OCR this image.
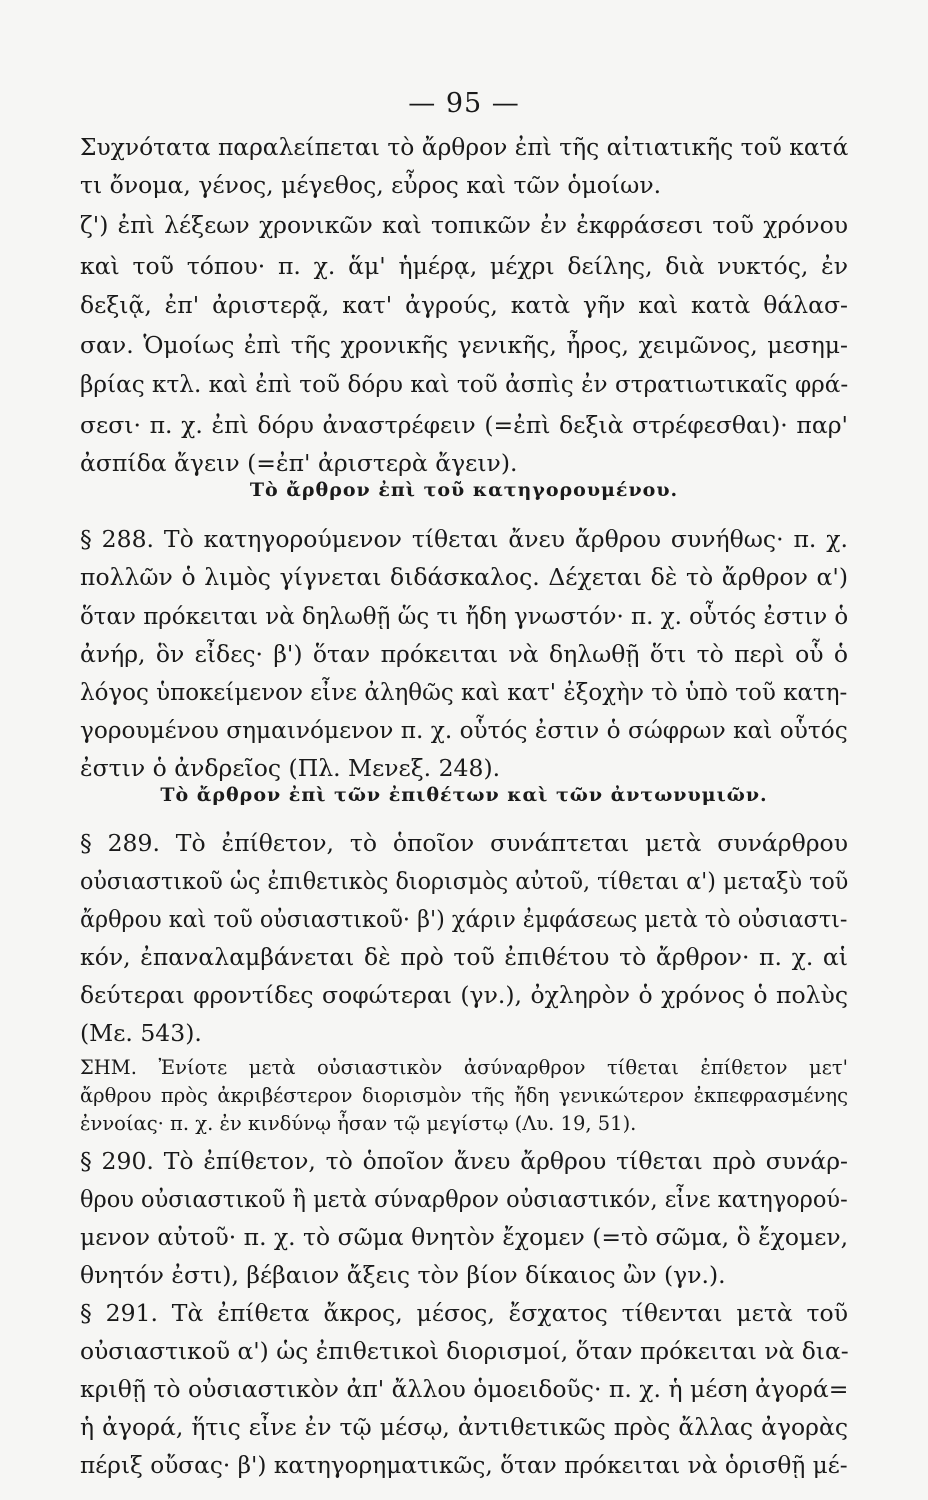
— 95 —
Συχνότατα παραλείπεται τὸ ἄρθρον ἐπὶ τῆς αἰτιατικῆς τοῦ κατά
τι ὄνομα, γένος, μέγεθος, εὖρος καὶ τῶν ὁμοίων.
ζ') ἐπὶ λέξεων χρονικῶν καὶ τοπικῶν ἐν ἐκφράσεσι τοῦ χρόνου
καὶ τοῦ τόπου· π. χ. ἅμ' ἡμέρᾳ, μέχρι δείλης, διὰ νυκτός, ἐν
δεξιᾷ, ἐπ' ἀριστερᾷ, κατ' ἀγρούς, κατὰ γῆν καὶ κατὰ θάλασ-
σαν. Ὁμοίως ἐπὶ τῆς χρονικῆς γενικῆς, ἦρος, χειμῶνος, μεσημ-
βρίας κτλ. καὶ ἐπὶ τοῦ δόρυ καὶ τοῦ ἀσπὶς ἐν στρατιωτικαῖς φρά-
σεσι· π. χ. ἐπὶ δόρυ ἀναστρέφειν (=ἐπὶ δεξιὰ στρέφεσθαι)· παρ'
ἀσπίδα ἄγειν (=ἐπ' ἀριστερὰ ἄγειν).
Τὸ ἄρθρον ἐπὶ τοῦ κατηγορουμένου.
§ 288. Τὸ κατηγορούμενον τίθεται ἄνευ ἄρθρου συνήθως· π. χ.
πολλῶν ὁ λιμὸς γίγνεται διδάσκαλος. Δέχεται δὲ τὸ ἄρθρον α')
ὅταν πρόκειται νὰ δηλωθῇ ὥς τι ἤδη γνωστόν· π. χ. οὗτός ἐστιν ὁ
ἀνήρ, ὃν εἶδες· β') ὅταν πρόκειται νὰ δηλωθῇ ὅτι τὸ περὶ οὗ ὁ
λόγος ὑποκείμενον εἶνε ἀληθῶς καὶ κατ' ἐξοχὴν τὸ ὑπὸ τοῦ κατη-
γορουμένου σημαινόμενον π. χ. οὗτός ἐστιν ὁ σώφρων καὶ οὗτός
ἐστιν ὁ ἀνδρεῖος (Πλ. Μενεξ. 248).
Τὸ ἄρθρον ἐπὶ τῶν ἐπιθέτων καὶ τῶν ἀντωνυμιῶν.
§ 289. Τὸ ἐπίθετον, τὸ ὁποῖον συνάπτεται μετὰ συνάρθρου
οὐσιαστικοῦ ὡς ἐπιθετικὸς διορισμὸς αὐτοῦ, τίθεται α') μεταξὺ τοῦ
ἄρθρου καὶ τοῦ οὐσιαστικοῦ· β') χάριν ἐμφάσεως μετὰ τὸ οὐσιαστι-
κόν, ἐπαναλαμβάνεται δὲ πρὸ τοῦ ἐπιθέτου τὸ ἄρθρον· π. χ. αἱ
δεύτεραι φροντίδες σοφώτεραι (γν.), ὀχληρὸν ὁ χρόνος ὁ πολὺς
(Με. 543).
ΣΗΜ. Ἐνίοτε μετὰ οὐσιαστικὸν ἀσύναρθρον τίθεται ἐπίθετον μετ'
ἄρθρου πρὸς ἀκριβέστερον διορισμὸν τῆς ἤδη γενικώτερον ἐκπεφρασμένης
ἐννοίας· π. χ. ἐν κινδύνῳ ἦσαν τῷ μεγίστῳ (Λυ. 19, 51).
§ 290. Τὸ ἐπίθετον, τὸ ὁποῖον ἄνευ ἄρθρου τίθεται πρὸ συνάρ-
θρου οὐσιαστικοῦ ἢ μετὰ σύναρθρον οὐσιαστικόν, εἶνε κατηγορού-
μενον αὐτοῦ· π. χ. τὸ σῶμα θνητὸν ἔχομεν (=τὸ σῶμα, ὃ ἔχομεν,
θνητόν ἐστι), βέβαιον ἄξεις τὸν βίον δίκαιος ὢν (γν.).
§ 291. Τὰ ἐπίθετα ἄκρος, μέσος, ἔσχατος τίθενται μετὰ τοῦ
οὐσιαστικοῦ α') ὡς ἐπιθετικοὶ διορισμοί, ὅταν πρόκειται νὰ δια-
κριθῇ τὸ οὐσιαστικὸν ἀπ' ἄλλου ὁμοειδοῦς· π. χ. ἡ μέση ἀγορά=
ἡ ἀγορά, ἥτις εἶνε ἐν τῷ μέσῳ, ἀντιθετικῶς πρὸς ἄλλας ἀγορὰς
πέριξ οὔσας· β') κατηγορηματικῶς, ὅταν πρόκειται νὰ ὁρισθῇ μέ-
